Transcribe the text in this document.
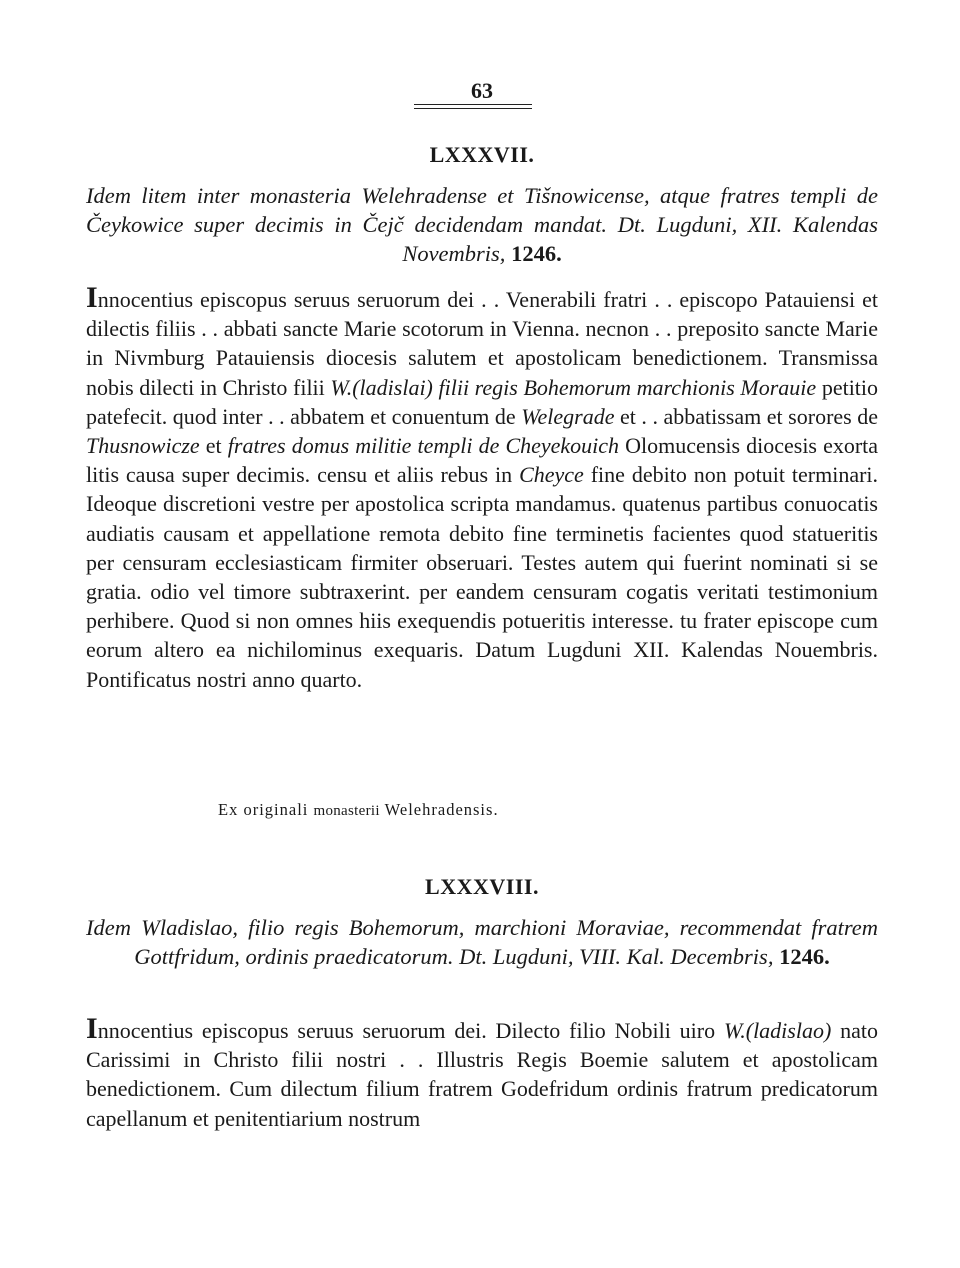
63
LXXXVII.
Idem litem inter monasteria Welehradense et Tišnowicense, atque fratres templi de Čeykowice super decimis in Čejč decidendam mandat. Dt. Lugduni, XII. Kalendas Novembris, 1246.
Innocentius episcopus seruus seruorum dei . . Venerabili fratri . . episcopo Patauiensi et dilectis filiis . . abbati sancte Marie scotorum in Vienna. necnon . . preposito sancte Marie in Nivmburg Patauiensis diocesis salutem et apostolicam benedictionem. Transmissa nobis dilecti in Christo filii W.(ladislai) filii regis Bohemorum marchionis Morauie petitio patefecit. quod inter . . abbatem et conuentum de Welegrade et . . abbatissam et sorores de Thusnowicze et fratres domus militie templi de Cheyekouich Olomucensis diocesis exorta litis causa super decimis. censu et aliis rebus in Cheyce fine debito non potuit terminari. Ideoque discretioni vestre per apostolica scripta mandamus. quatenus partibus conuocatis audiatis causam et appellatione remota debito fine terminetis facientes quod statueritis per censuram ecclesiasticam firmiter obseruari. Testes autem qui fuerint nominati si se gratia. odio vel timore subtraxerint. per eandem censuram cogatis veritati testimonium perhibere. Quod si non omnes hiis exequendis potueritis interesse. tu frater episcope cum eorum altero ea nichilominus exequaris. Datum Lugduni XII. Kalendas Nouembris. Pontificatus nostri anno quarto.
Ex originali monasterii Welehradensis.
LXXXVIII.
Idem Wladislao, filio regis Bohemorum, marchioni Moraviae, recommendat fratrem Gottfridum, ordinis praedicatorum. Dt. Lugduni, VIII. Kal. Decembris, 1246.
Innocentius episcopus seruus seruorum dei. Dilecto filio Nobili uiro W.(ladislao) nato Carissimi in Christo filii nostri . . Illustris Regis Boemie salutem et apostolicam benedictionem. Cum dilectum filium fratrem Godefridum ordinis fratrum predicatorum capellanum et penitentiarium nostrum
